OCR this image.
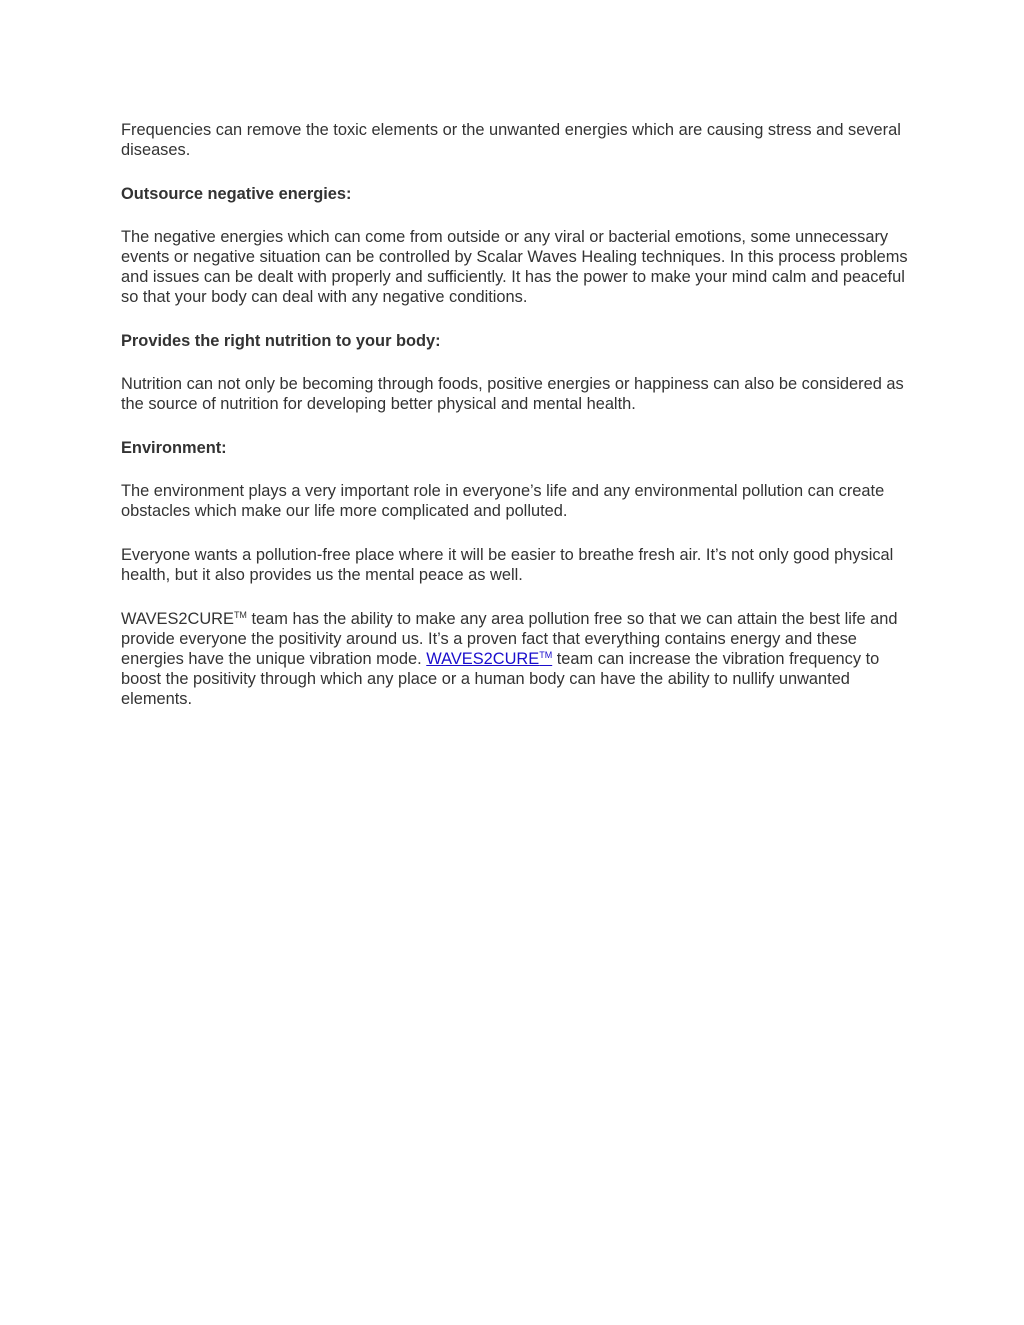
Frequencies can remove the toxic elements or the unwanted energies which are causing stress and several diseases.

Outsource negative energies:

The negative energies which can come from outside or any viral or bacterial emotions, some unnecessary events or negative situation can be controlled by Scalar Waves Healing techniques. In this process problems and issues can be dealt with properly and sufficiently. It has the power to make your mind calm and peaceful so that your body can deal with any negative conditions.

Provides the right nutrition to your body:

Nutrition can not only be becoming through foods, positive energies or happiness can also be considered as the source of nutrition for developing better physical and mental health.

Environment:

The environment plays a very important role in everyone’s life and any environmental pollution can create obstacles which make our life more complicated and polluted.

Everyone wants a pollution-free place where it will be easier to breathe fresh air. It’s not only good physical health, but it also provides us the mental peace as well.

WAVES2CURE™ team has the ability to make any area pollution free so that we can attain the best life and provide everyone the positivity around us. It’s a proven fact that everything contains energy and these energies have the unique vibration mode. WAVES2CURE™ team can increase the vibration frequency to boost the positivity through which any place or a human body can have the ability to nullify unwanted elements.
